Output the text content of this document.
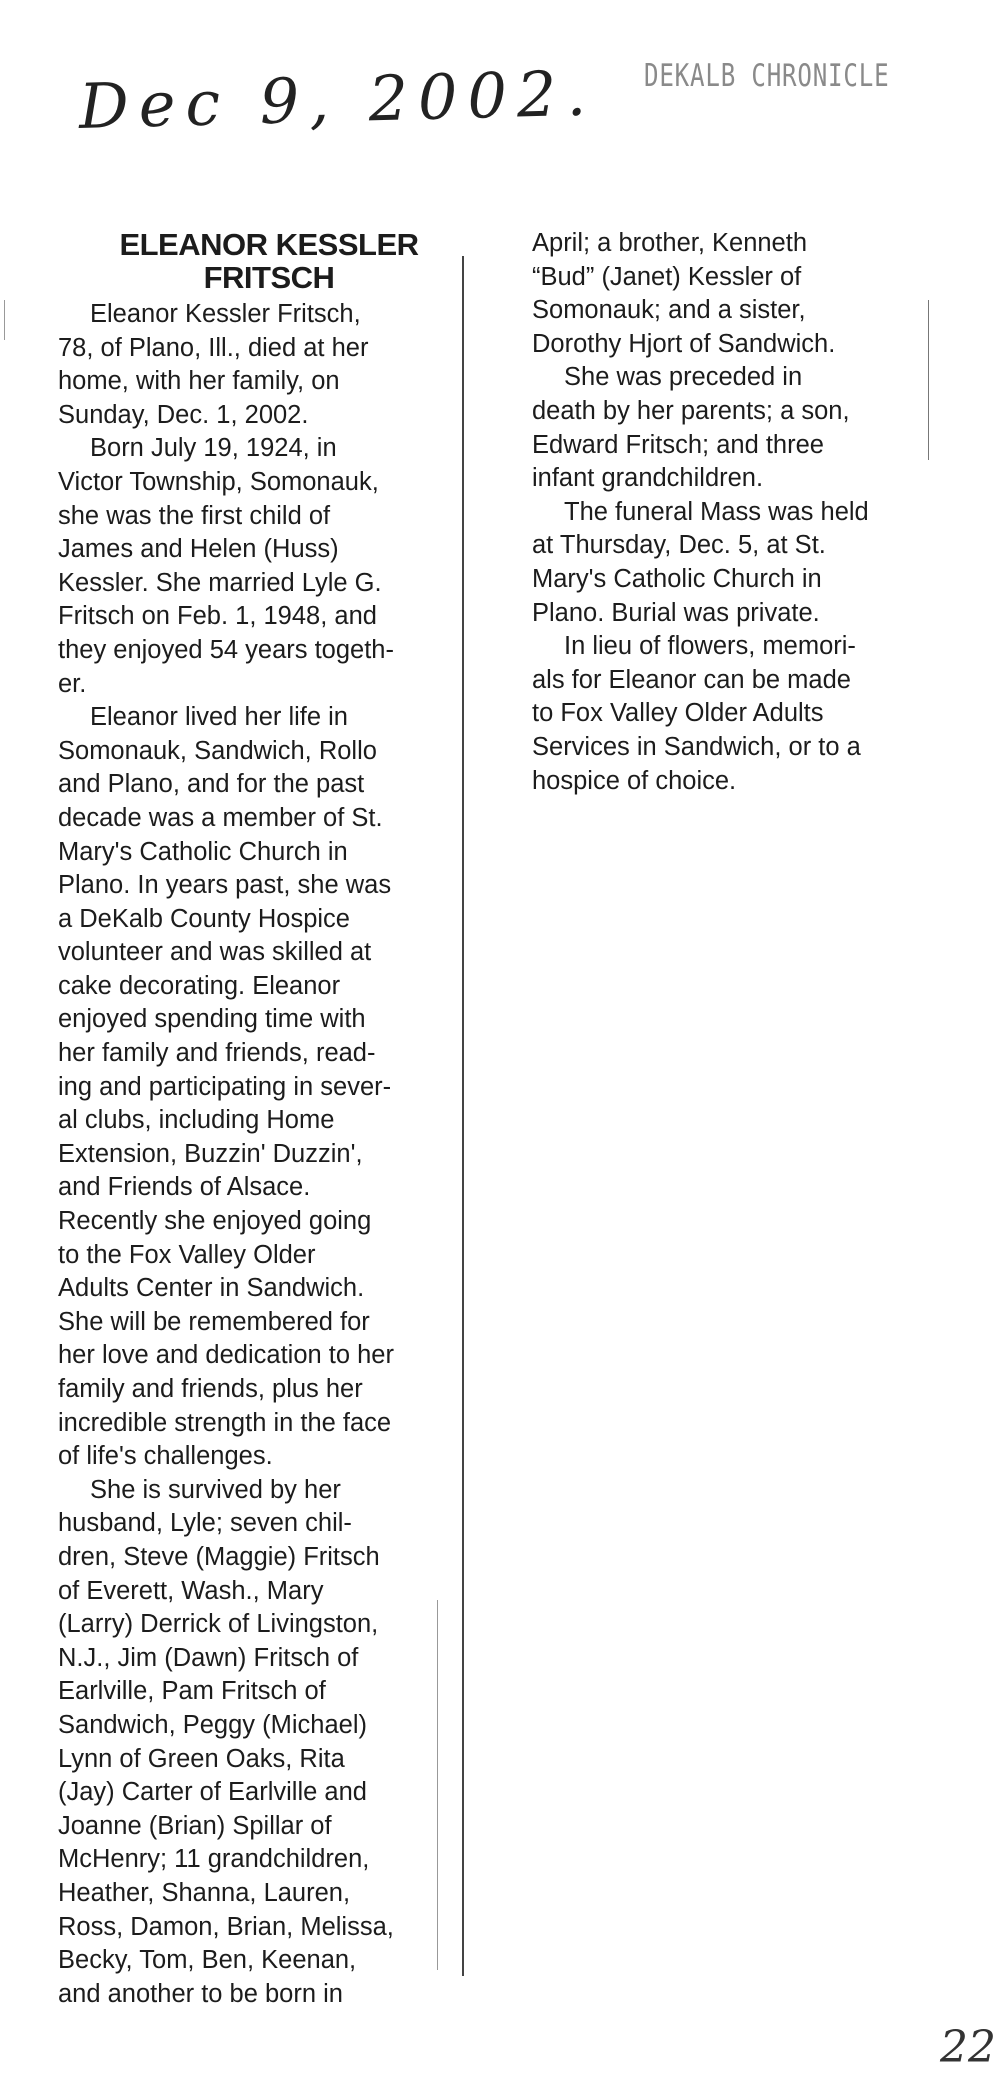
DEKALB CHRONICLE
Dec 9, 2002.
ELEANOR KESSLER
FRITSCH
Eleanor Kessler Fritsch,
78, of Plano, Ill., died at her
home, with her family, on
Sunday, Dec. 1, 2002.
Born July 19, 1924, in
Victor Township, Somonauk,
she was the first child of
James and Helen (Huss)
Kessler. She married Lyle G.
Fritsch on Feb. 1, 1948, and
they enjoyed 54 years togeth-
er.
Eleanor lived her life in
Somonauk, Sandwich, Rollo
and Plano, and for the past
decade was a member of St.
Mary's Catholic Church in
Plano. In years past, she was
a DeKalb County Hospice
volunteer and was skilled at
cake decorating. Eleanor
enjoyed spending time with
her family and friends, read-
ing and participating in sever-
al clubs, including Home
Extension, Buzzin' Duzzin',
and Friends of Alsace.
Recently she enjoyed going
to the Fox Valley Older
Adults Center in Sandwich.
She will be remembered for
her love and dedication to her
family and friends, plus her
incredible strength in the face
of life's challenges.
She is survived by her
husband, Lyle; seven chil-
dren, Steve (Maggie) Fritsch
of Everett, Wash., Mary
(Larry) Derrick of Livingston,
N.J., Jim (Dawn) Fritsch of
Earlville, Pam Fritsch of
Sandwich, Peggy (Michael)
Lynn of Green Oaks, Rita
(Jay) Carter of Earlville and
Joanne (Brian) Spillar of
McHenry; 11 grandchildren,
Heather, Shanna, Lauren,
Ross, Damon, Brian, Melissa,
Becky, Tom, Ben, Keenan,
and another to be born in
April; a brother, Kenneth
“Bud” (Janet) Kessler of
Somonauk; and a sister,
Dorothy Hjort of Sandwich.
She was preceded in
death by her parents; a son,
Edward Fritsch; and three
infant grandchildren.
The funeral Mass was held
at Thursday, Dec. 5, at St.
Mary's Catholic Church in
Plano. Burial was private.
In lieu of flowers, memori-
als for Eleanor can be made
to Fox Valley Older Adults
Services in Sandwich, or to a
hospice of choice.
22
